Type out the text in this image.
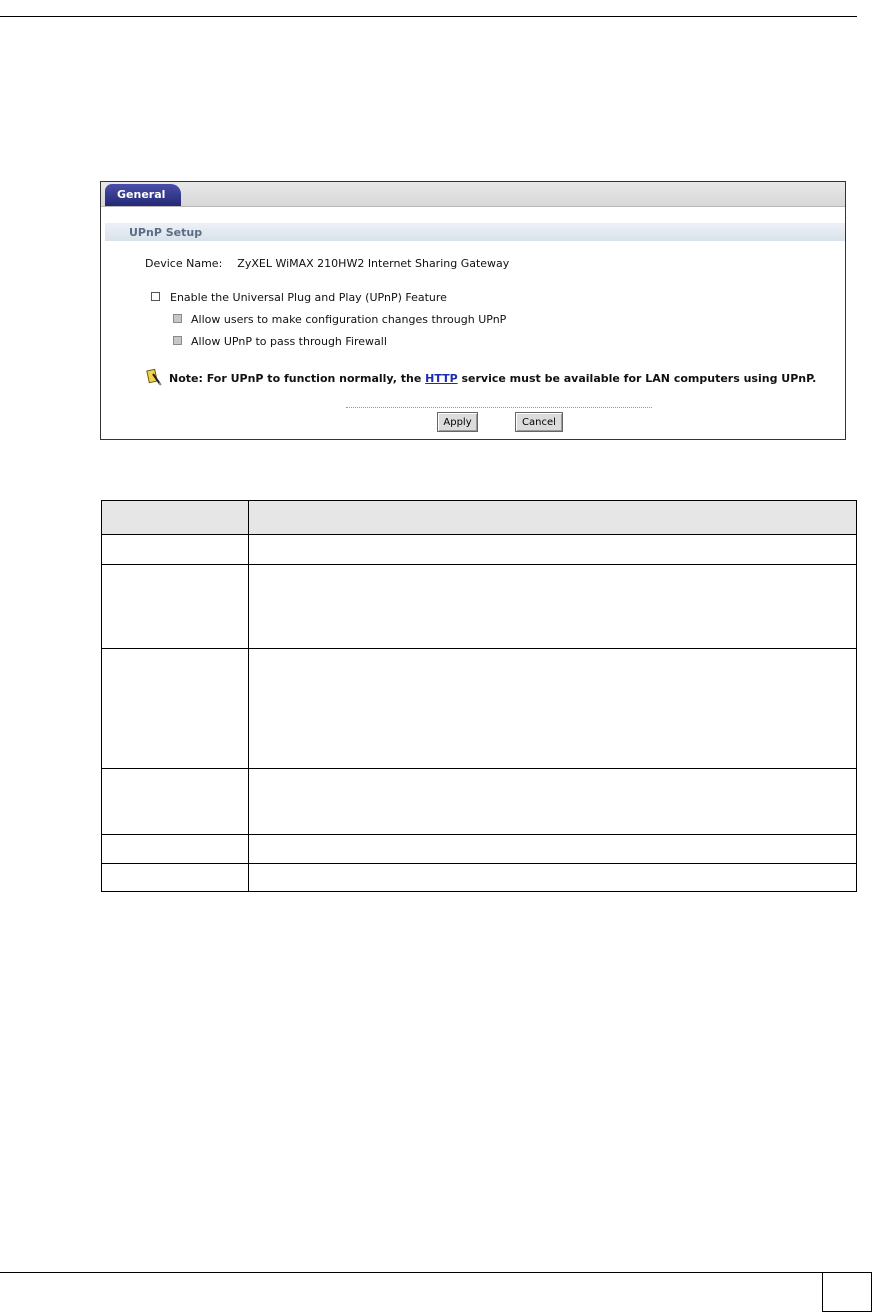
General
UPnP Setup
Device Name: ZyXEL WiMAX 210HW2 Internet Sharing Gateway
Enable the Universal Plug and Play (UPnP) Feature
Allow users to make configuration changes through UPnP
Allow UPnP to pass through Firewall
Note: For UPnP to function normally, the HTTP service must be available for LAN computers using UPnP.
Apply	Cancel
